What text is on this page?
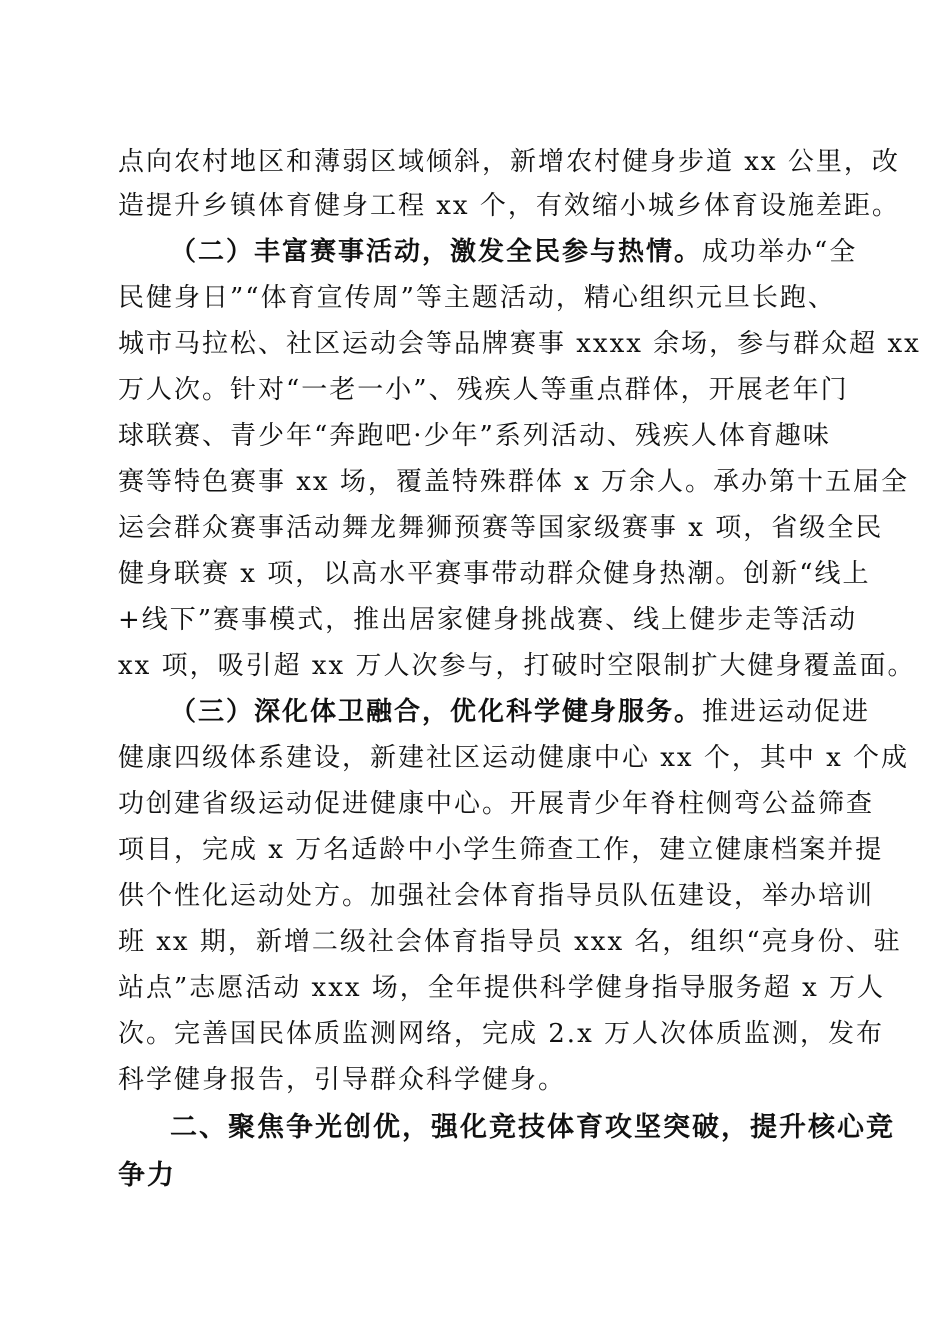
点向农村地区和薄弱区域倾斜，新增农村健身步道 xx 公里，改
造提升乡镇体育健身工程 xx 个，有效缩小城乡体育设施差距。
（二）丰富赛事活动，激发全民参与热情。成功举办“全
民健身日”“体育宣传周”等主题活动，精心组织元旦长跑、
城市马拉松、社区运动会等品牌赛事 xxxx 余场，参与群众超 xx
万人次。针对“一老一小”、残疾人等重点群体，开展老年门
球联赛、青少年“奔跑吧·少年”系列活动、残疾人体育趣味
赛等特色赛事 xx 场，覆盖特殊群体 x 万余人。承办第十五届全
运会群众赛事活动舞龙舞狮预赛等国家级赛事 x 项，省级全民
健身联赛 x 项，以高水平赛事带动群众健身热潮。创新“线上
+线下”赛事模式，推出居家健身挑战赛、线上健步走等活动
xx 项，吸引超 xx 万人次参与，打破时空限制扩大健身覆盖面。
（三）深化体卫融合，优化科学健身服务。推进运动促进
健康四级体系建设，新建社区运动健康中心 xx 个，其中 x 个成
功创建省级运动促进健康中心。开展青少年脊柱侧弯公益筛查
项目，完成 x 万名适龄中小学生筛查工作，建立健康档案并提
供个性化运动处方。加强社会体育指导员队伍建设，举办培训
班 xx 期，新增二级社会体育指导员 xxx 名，组织“亮身份、驻
站点”志愿活动 xxx 场，全年提供科学健身指导服务超 x 万人
次。完善国民体质监测网络，完成 2.x 万人次体质监测，发布
科学健身报告，引导群众科学健身。
二、聚焦争光创优，强化竞技体育攻坚突破，提升核心竞
争力
